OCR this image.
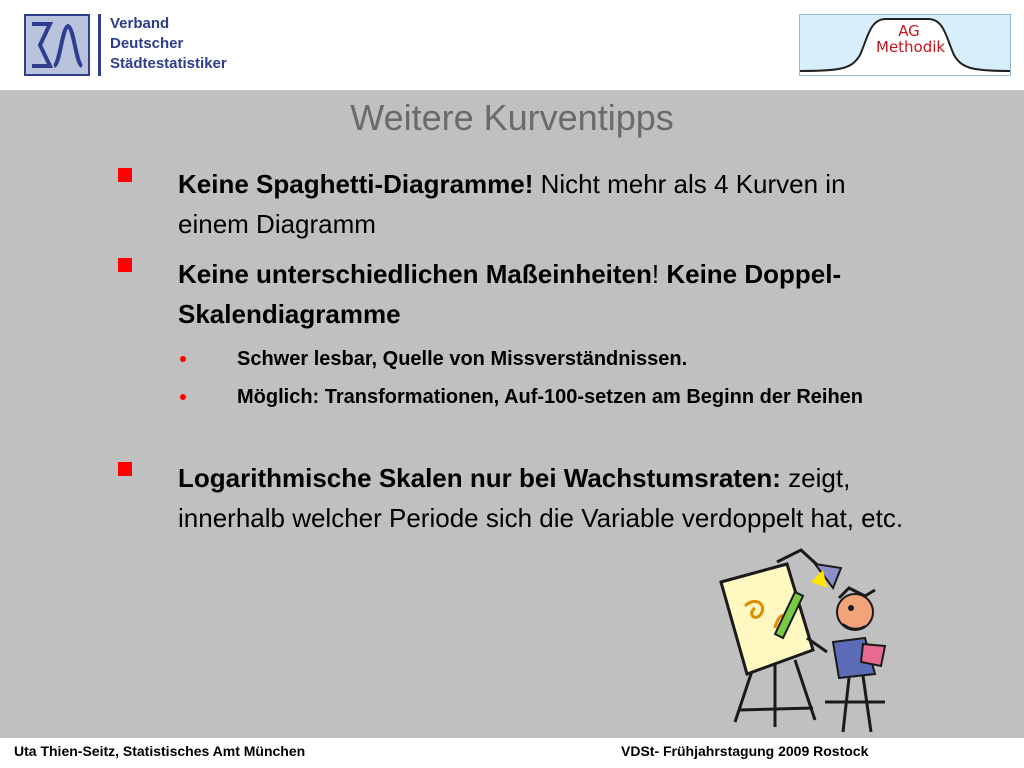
Verband
Deutscher
Städtestatistiker
AG
Methodik
Weitere Kurventipps
Keine Spaghetti-Diagramme! Nicht mehr als 4 Kurven in einem Diagramm
Keine unterschiedlichen Maßeinheiten! Keine Doppel-Skalendiagramme
Schwer lesbar, Quelle von Missverständnissen.
Möglich: Transformationen, Auf-100-setzen am Beginn der Reihen
Logarithmische Skalen nur bei Wachstumsraten: zeigt, innerhalb welcher Periode sich die Variable verdoppelt hat, etc.
Uta Thien-Seitz, Statistisches Amt München	VDSt- Frühjahrstagung 2009 Rostock
